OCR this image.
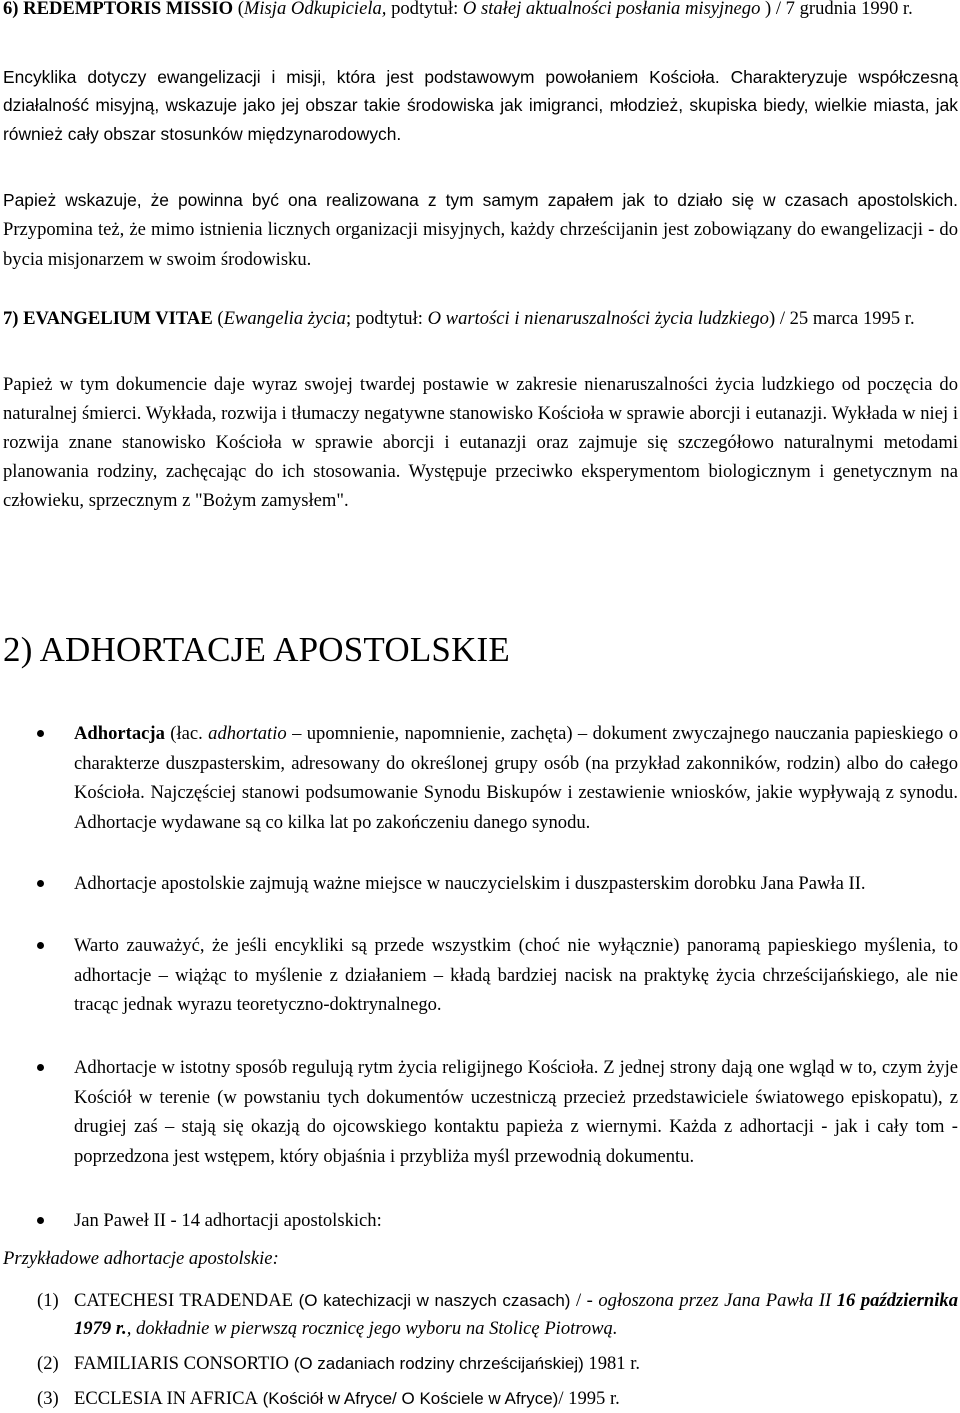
6) REDEMPTORIS MISSIO (Misja Odkupiciela, podtytuł: O stałej aktualności posłania misyjnego ) / 7 grudnia 1990 r.

Encyklika dotyczy ewangelizacji i misji, która jest podstawowym powołaniem Kościoła. Charakteryzuje współczesną działalność misyjną, wskazuje jako jej obszar takie środowiska jak imigranci, młodzież, skupiska biedy, wielkie miasta, jak również cały obszar stosunków międzynarodowych.

Papież wskazuje, że powinna być ona realizowana z tym samym zapałem jak to działo się w czasach apostolskich. Przypomina też, że mimo istnienia licznych organizacji misyjnych, każdy chrześcijanin jest zobowiązany do ewangelizacji - do bycia misjonarzem w swoim środowisku.

7) EVANGELIUM VITAE (Ewangelia życia; podtytuł: O wartości i nienaruszalności życia ludzkiego) / 25 marca 1995 r.

Papież w tym dokumencie daje wyraz swojej twardej postawie w zakresie nienaruszalności życia ludzkiego od poczęcia do naturalnej śmierci. Wykłada, rozwija i tłumaczy negatywne stanowisko Kościoła w sprawie aborcji i eutanazji. Wykłada w niej i rozwija znane stanowisko Kościoła w sprawie aborcji i eutanazji oraz zajmuje się szczegółowo naturalnymi metodami planowania rodziny, zachęcając do ich stosowania. Występuje przeciwko eksperymentom biologicznym i genetycznym na człowieku, sprzecznym z "Bożym zamysłem".

2) ADHORTACJE APOSTOLSKIE

Adhortacja (łac. adhortatio – upomnienie, napomnienie, zachęta) – dokument zwyczajnego nauczania papieskiego o charakterze duszpasterskim, adresowany do określonej grupy osób (na przykład zakonników, rodzin) albo do całego Kościoła. Najczęściej stanowi podsumowanie Synodu Biskupów i zestawienie wniosków, jakie wypływają z synodu. Adhortacje wydawane są co kilka lat po zakończeniu danego synodu.

Adhortacje apostolskie zajmują ważne miejsce w nauczycielskim i duszpasterskim dorobku Jana Pawła II.

Warto zauważyć, że jeśli encykliki są przede wszystkim (choć nie wyłącznie) panoramą papieskiego myślenia, to adhortacje – wiążąc to myślenie z działaniem – kładą bardziej nacisk na praktykę życia chrześcijańskiego, ale nie tracąc jednak wyrazu teoretyczno-doktrynalnego.

Adhortacje w istotny sposób regulują rytm życia religijnego Kościoła. Z jednej strony dają one wgląd w to, czym żyje Kościół w terenie (w powstaniu tych dokumentów uczestniczą przecież przedstawiciele światowego episkopatu), z drugiej zaś – stają się okazją do ojcowskiego kontaktu papieża z wiernymi. Każda z adhortacji - jak i cały tom - poprzedzona jest wstępem, który objaśnia i przybliża myśl przewodnią dokumentu.

Jan Paweł II - 14 adhortacji apostolskich:

Przykładowe adhortacje apostolskie:

(1) CATECHESI TRADENDAE (O katechizacji w naszych czasach) / - ogłoszona przez Jana Pawła II 16 października 1979 r., dokładnie w pierwszą rocznicę jego wyboru na Stolicę Piotrową.

(2) FAMILIARIS CONSORTIO (O zadaniach rodziny chrześcijańskiej) 1981 r.

(3) ECCLESIA IN AFRICA (Kościół w Afryce/ O Kościele w Afryce)/ 1995 r.
